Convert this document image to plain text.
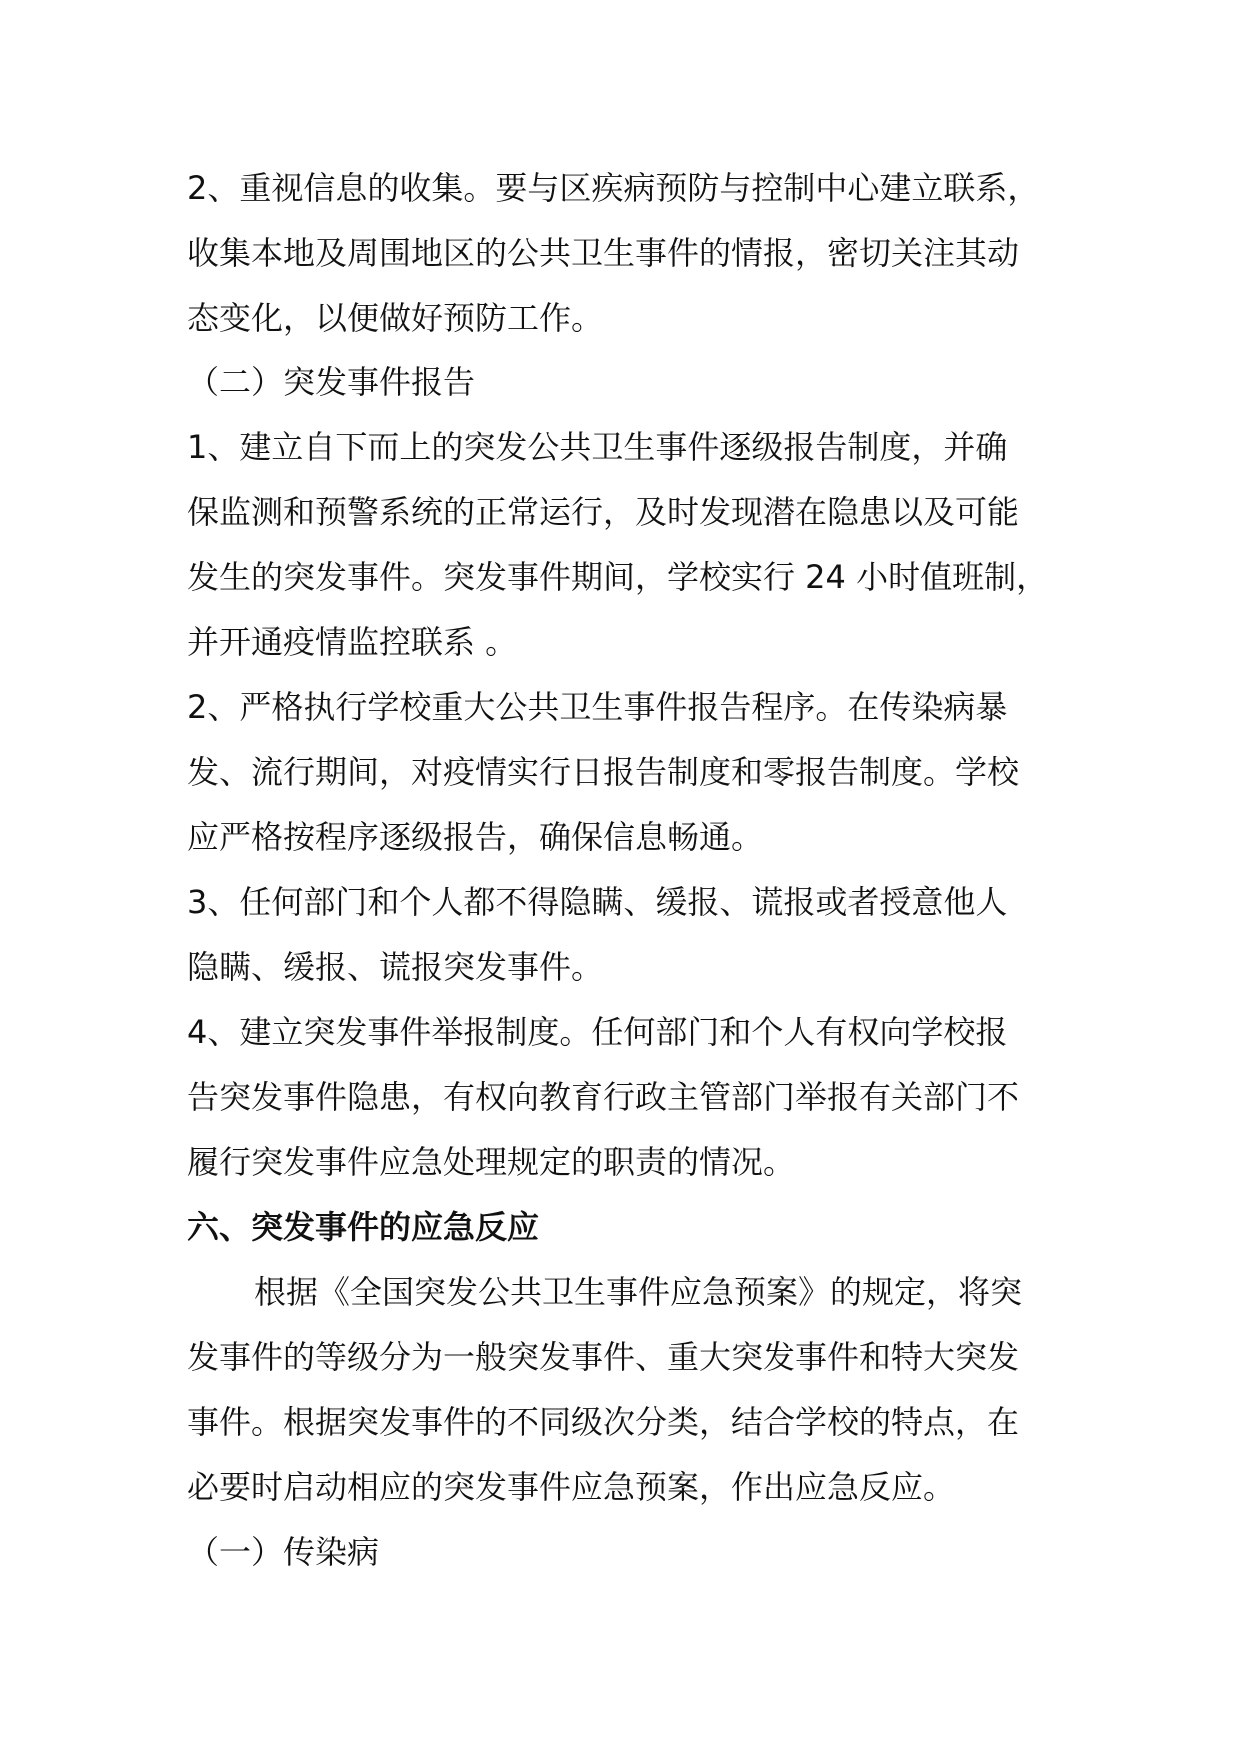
2、重视信息的收集。要与区疾病预防与控制中心建立联系，
收集本地及周围地区的公共卫生事件的情报，密切关注其动
态变化，以便做好预防工作。
（二）突发事件报告
1、建立自下而上的突发公共卫生事件逐级报告制度，并确
保监测和预警系统的正常运行，及时发现潜在隐患以及可能
发生的突发事件。突发事件期间，学校实行 24 小时值班制，
并开通疫情监控联系 。
2、严格执行学校重大公共卫生事件报告程序。在传染病暴
发、流行期间，对疫情实行日报告制度和零报告制度。学校
应严格按程序逐级报告，确保信息畅通。
3、任何部门和个人都不得隐瞒、缓报、谎报或者授意他人
隐瞒、缓报、谎报突发事件。
4、建立突发事件举报制度。任何部门和个人有权向学校报
告突发事件隐患，有权向教育行政主管部门举报有关部门不
履行突发事件应急处理规定的职责的情况。
六、突发事件的应急反应
根据《全国突发公共卫生事件应急预案》的规定，将突
发事件的等级分为一般突发事件、重大突发事件和特大突发
事件。根据突发事件的不同级次分类，结合学校的特点，在
必要时启动相应的突发事件应急预案，作出应急反应。
（一）传染病
